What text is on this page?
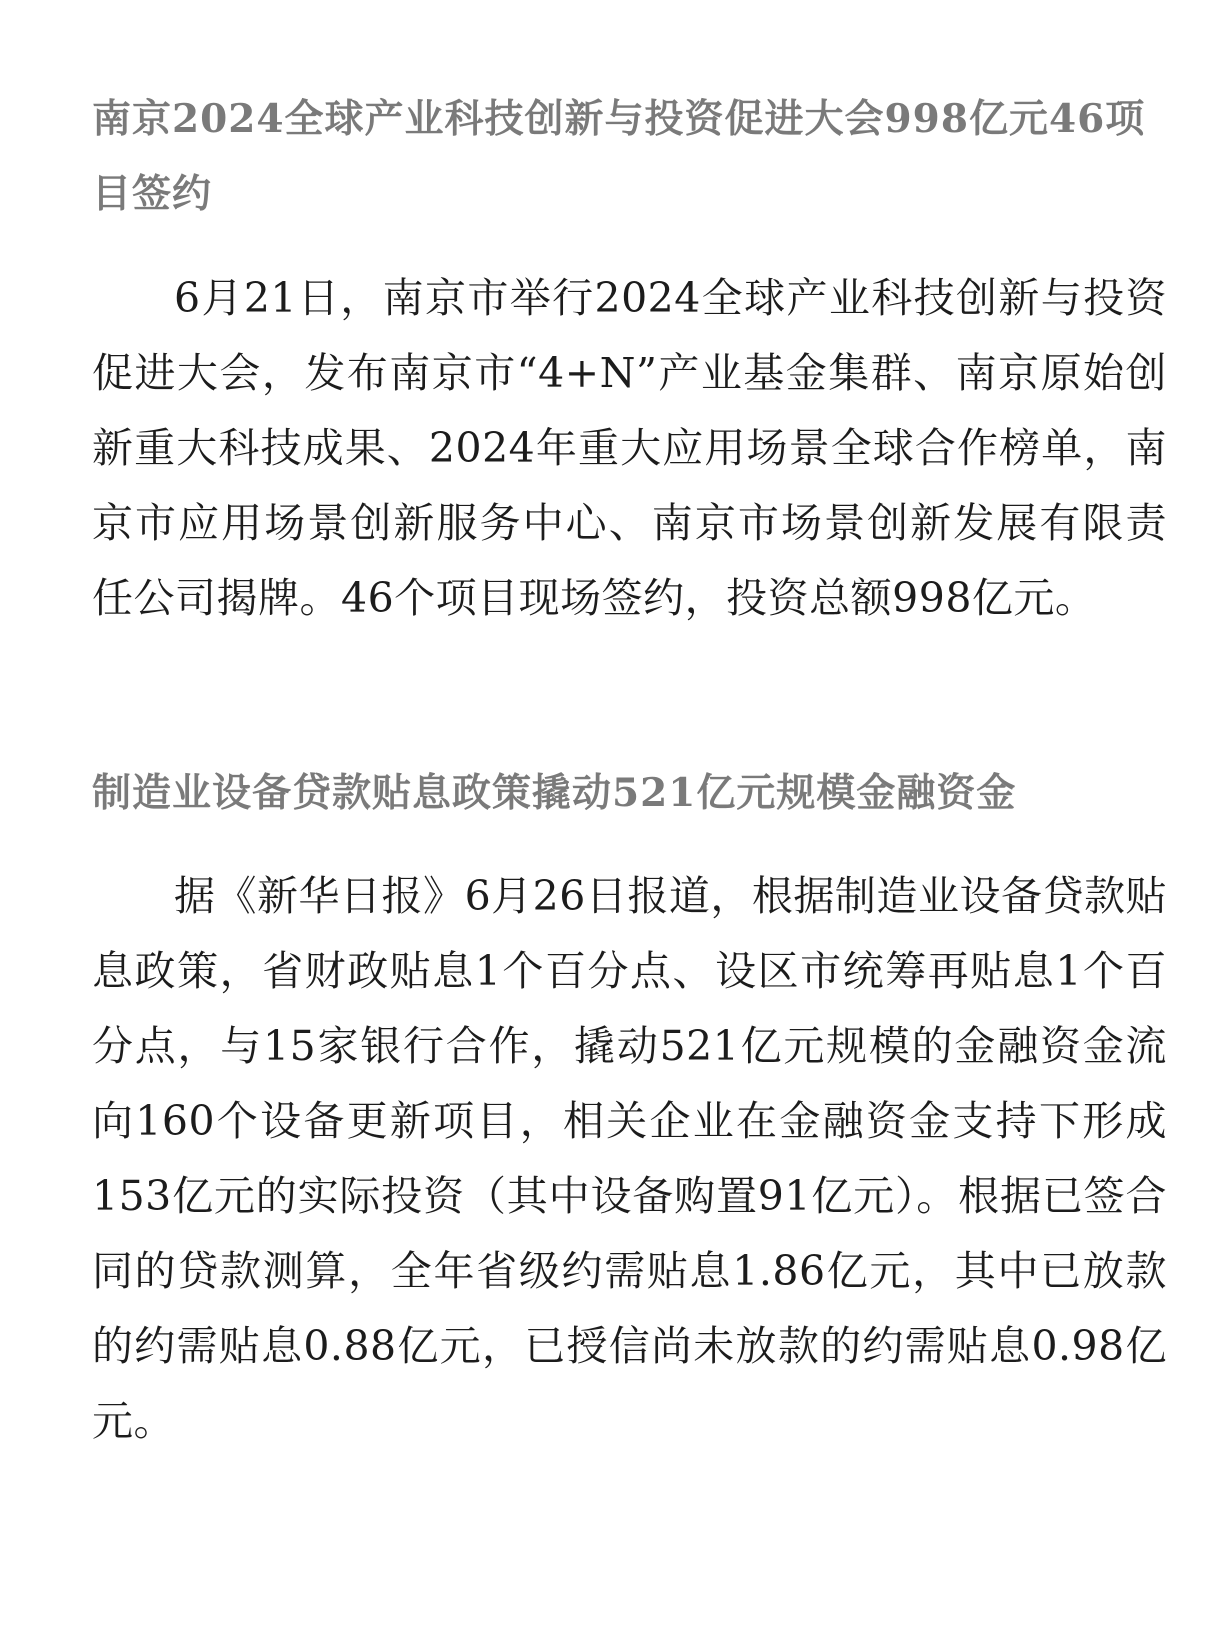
南京2024全球产业科技创新与投资促进大会998亿元46项目签约

6月21日，南京市举行2024全球产业科技创新与投资促进大会，发布南京市“4+N”产业基金集群、南京原始创新重大科技成果、2024年重大应用场景全球合作榜单，南京市应用场景创新服务中心、南京市场景创新发展有限责任公司揭牌。46个项目现场签约，投资总额998亿元。

制造业设备贷款贴息政策撬动521亿元规模金融资金

据《新华日报》6月26日报道，根据制造业设备贷款贴息政策，省财政贴息1个百分点、设区市统筹再贴息1个百分点，与15家银行合作，撬动521亿元规模的金融资金流向160个设备更新项目，相关企业在金融资金支持下形成153亿元的实际投资（其中设备购置91亿元）。根据已签合同的贷款测算，全年省级约需贴息1.86亿元，其中已放款的约需贴息0.88亿元，已授信尚未放款的约需贴息0.98亿元。
